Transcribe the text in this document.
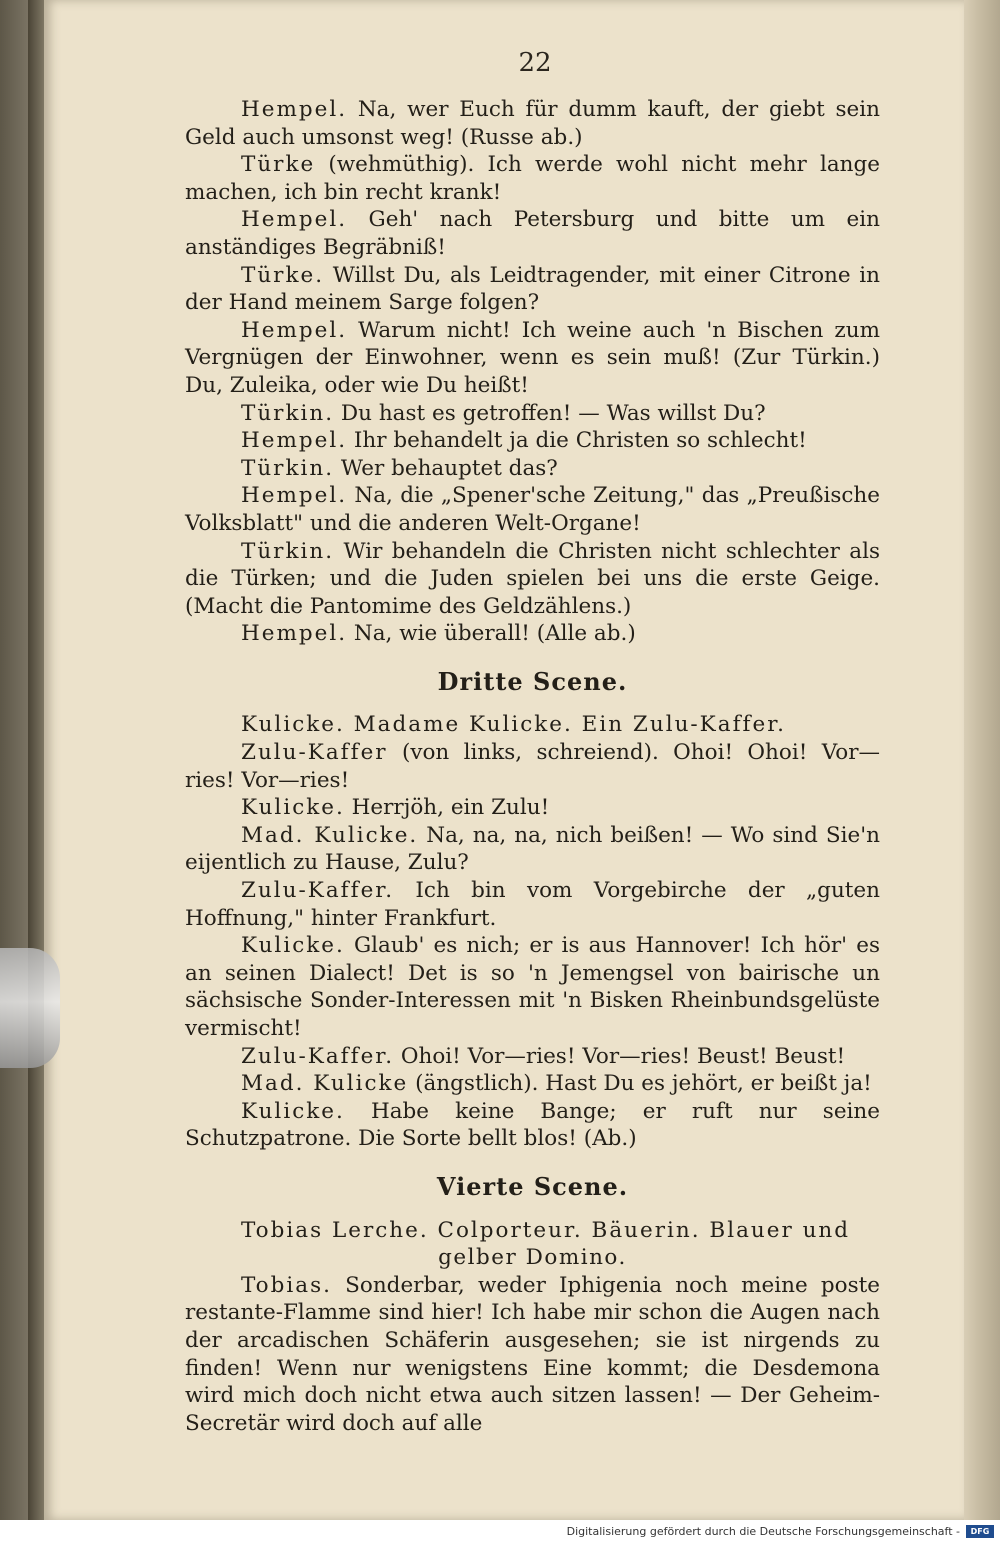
22

Hempel. Na, wer Euch für dumm kauft, der giebt sein Geld auch umsonst weg! (Russe ab.)

Türke (wehmüthig). Ich werde wohl nicht mehr lange machen, ich bin recht krank!

Hempel. Geh' nach Petersburg und bitte um ein anständiges Begräbniß!

Türke. Willst Du, als Leidtragender, mit einer Citrone in der Hand meinem Sarge folgen?

Hempel. Warum nicht! Ich weine auch 'n Bischen zum Vergnügen der Einwohner, wenn es sein muß! (Zur Türkin.) Du, Zuleika, oder wie Du heißt!

Türkin. Du hast es getroffen! — Was willst Du?

Hempel. Ihr behandelt ja die Christen so schlecht!

Türkin. Wer behauptet das?

Hempel. Na, die „Spener'sche Zeitung," das „Preußische Volksblatt" und die anderen Welt-Organe!

Türkin. Wir behandeln die Christen nicht schlechter als die Türken; und die Juden spielen bei uns die erste Geige. (Macht die Pantomime des Geldzählens.)

Hempel. Na, wie überall! (Alle ab.)

Dritte Scene.

Kulicke. Madame Kulicke. Ein Zulu-Kaffer.

Zulu-Kaffer (von links, schreiend). Ohoi! Ohoi! Vor—ries! Vor—ries!

Kulicke. Herrjöh, ein Zulu!

Mad. Kulicke. Na, na, na, nich beißen! — Wo sind Sie'n eijentlich zu Hause, Zulu?

Zulu-Kaffer. Ich bin vom Vorgebirche der „guten Hoffnung," hinter Frankfurt.

Kulicke. Glaub' es nich; er is aus Hannover! Ich hör' es an seinen Dialect! Det is so 'n Jemengsel von bairische un sächsische Sonder-Interessen mit 'n Bisken Rheinbundsgelüste vermischt!

Zulu-Kaffer. Ohoi! Vor—ries! Vor—ries! Beust! Beust!

Mad. Kulicke (ängstlich). Hast Du es jehört, er beißt ja!

Kulicke. Habe keine Bange; er ruft nur seine Schutzpatrone. Die Sorte bellt blos! (Ab.)

Vierte Scene.

Tobias Lerche. Colporteur. Bäuerin. Blauer und

gelber Domino.

Tobias. Sonderbar, weder Iphigenia noch meine poste restante-Flamme sind hier! Ich habe mir schon die Augen nach der arcadischen Schäferin ausgesehen; sie ist nirgends zu finden! Wenn nur wenigstens Eine kommt; die Desdemona wird mich doch nicht etwa auch sitzen lassen! — Der Geheim-Secretär wird doch auf alle

Digitalisierung gefördert durch die Deutsche Forschungsgemeinschaft -	DFG
